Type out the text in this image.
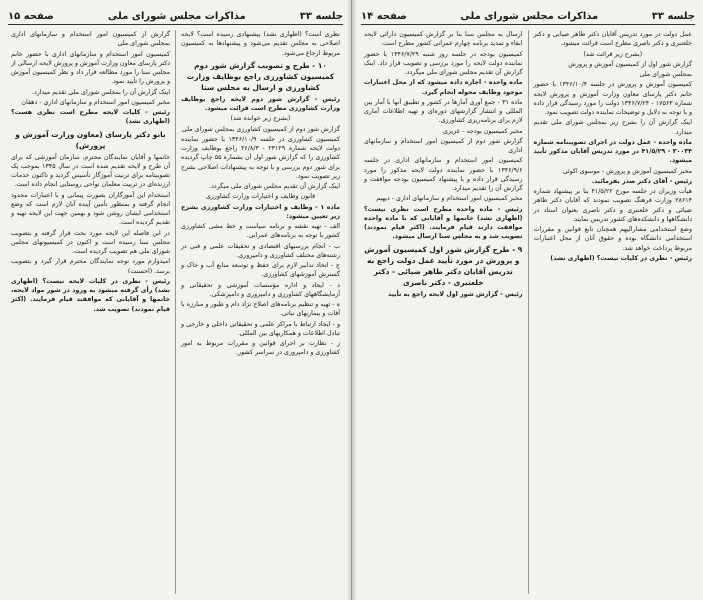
جلسه ۳۳
مذاکرات مجلس شورای ملی
صفحه ۱۵

نظری است؟ (اظهاری نشد) پیشنهادی رسیده است؟ لایحه اصلاحی به مجلس تقدیم می‌شود و پیشنهادها به کمیسیون مربوط ارجاع می‌شود.

۱۰ - طرح و تصویب گزارش شور دوم کمیسیون کشاورزی راجع بوظایف وزارت کشاورزی و ارسال به مجلس سنا

رئیس - گزارش شور دوم لایحه راجع بوظایف وزارت کشاورزی مطرح است قرائت میشود.

(بشرح زیر خوانده شد)

گزارش شور دوم از کمیسیون کشاورزی بمجلس شورای ملی

کمیسیون کشاورزی در جلسه ۱۳۴۶/۱۰/۹ با حضور نماینده دولت لایحه شماره ۲۳۱۲۹ - ۴۶/۸/۳ راجع بوظایف وزارت کشاورزی را که گزارش شور اول آن بشماره ۵۵ چاپ گردیده برای شور دوم بررسی و با توجه به پیشنهادات اصلاحی بشرح زیر تصویب نمود.

اینک گزارش آن تقدیم مجلس شورای ملی میگردد.

قانون وظایف و اختیارات وزارت کشاورزی

ماده ۱ - وظایف و اختیارات وزارت کشاورزی بشرح زیر تعیین میشود:

الف - تهیه نقشه و برنامه سیاست و خط مشی کشاورزی کشور با توجه به برنامه‌های عمرانی.

ب - انجام بررسیهای اقتصادی و تحقیقات علمی و فنی در رشته‌های مختلف کشاورزی و دامپروری.

ج - اتخاذ تدابیر لازم برای حفظ و توسعه منابع آب و خاک و گسترش آموزشهای کشاورزی.

د - ایجاد و اداره مؤسسات آموزشی و تحقیقاتی و آزمایشگاههای کشاورزی و دامپروری و دامپزشکی.

ه - تهیه و تنظیم برنامه‌های اصلاح نژاد دام و طیور و مبارزه با آفات و بیماریهای نباتی.

و - ایجاد ارتباط با مراکز علمی و تحقیقاتی داخلی و خارجی و تبادل اطلاعات و همکاریهای بین المللی.

ز - نظارت بر اجرای قوانین و مقررات مربوط به امور کشاورزی و دامپروری در سراسر کشور.

گزارش از کمیسیون امور استخدام و سازمانهای اداری بمجلس شورای ملی

کمیسیون امور استخدام و سازمانهای اداری با حضور خانم دکتر پارسای معاون وزارت آموزش و پرورش لایحه ارسالی از مجلس سنا را مورد مطالعه قرار داد و نظر کمیسیون آموزش و پرورش را تأیید نمود.

اینک گزارش آن را بمجلس شورای ملی تقدیم میدارد.

مخبر کمیسیون امور استخدام و سازمانهای اداری - دهقان

رئیس - کلیات لایحه مطرح است نظری هست؟ (اظهاری نشد)

بانو دکتر پارسای (معاون وزارت آموزش و پرورش)

خانمها و آقایان نمایندگان محترم، سازمان آموزشی که برای آن طرح و لایحه تقدیم شده است در سال ۱۳۴۵ بموجب یک تصویبنامه برای تربیت آموزگار تأسیس گردید و تاکنون خدمات ارزنده‌ای در تربیت معلمان نواحی روستایی انجام داده است.

استخدام این آموزگاران بصورت پیمانی و با اعتبارات محدود انجام گرفته و بمنظور تأمین آینده آنان لازم است که وضع استخدامی ایشان روشن شود و بهمین جهت این لایحه تهیه و تقدیم گردیده است.

در این فاصله این لایحه مورد بحث قرار گرفته و بتصویب مجلس سنا رسیده است و اکنون در کمیسیونهای مجلس شورای ملی هم تصویب گردیده است.

امیدوارم مورد توجه نمایندگان محترم قرار گیرد و بتصویب برسد. (احسنت)

رئیس - نظری در کلیات لایحه نیست؟ (اظهاری نشد) رأی گرفته میشود به ورود در شور مواد لایحه، خانمها و آقایانی که موافقند قیام فرمایند. (اکثر قیام نمودند) تصویب شد.

جلسه ۳۳
مذاکرات مجلس شورای ملی
صفحه ۱۴

عمل دولت در مورد تدریس آقایان دکتر طاهر صیانی و دکتر خلعتبری و دکتر ناصری مطرح است قرائت میشود.

(بشرح زیر قرائت شد)

گزارش شور اول از کمیسیون آموزش و پرورش

بمجلس شورای ملی

کمیسیون آموزش و پرورش در جلسه ۱۳۴۶/۱۰/۴ با حضور خانم دکتر پارسای معاون وزارت آموزش و پرورش لایحه شماره ۱۷۵۶۳ - ۱۳۴۶/۷/۲۴ دولت را مورد رسیدگی قرار داده و با توجه به دلایل و توضیحات نماینده دولت تصویب نمود.

اینک گزارش آن را بشرح زیر بمجلس شورای ملی تقدیم میدارد.

ماده واحده - عمل دولت در اجرای تصویبنامه شماره ۳۰۰۳۴ - ۴۱/۵/۲۹ در مورد تدریس آقایان مذکور تأیید میشود.

مخبر کمیسیون آموزش و پرورش - موسوی اکوئی

رئیس - آقای دکتر صدر بفرمائید.

هیأت وزیران در جلسه مورخ ۴۱/۵/۲۲ بنا بر پیشنهاد شماره ۲۸۶۱۴ وزارت فرهنگ تصویب نمودند که آقایان دکتر طاهر ضیائی و دکتر خلعتبری و دکتر ناصری بعنوان استاد در دانشگاهها و دانشکده‌های کشور تدریس نمایند.

وضع استخدامی مشارالیهم همچنان تابع قوانین و مقررات استخدامی دانشگاه بوده و حقوق آنان از محل اعتبارات مربوط پرداخت خواهد شد.

رئیس - نظری در کلیات نیست؟ (اظهاری نشد)

ارسال به مجلس سنا بنا بر گزارش کمیسیون دارائی لایحه ابقاء و تمدید برنامه چهارم عمرانی کشور مطرح است.

کمیسیون بودجه در جلسه روز شنبه ۱۳۴۶/۷/۲۹ با حضور نماینده دولت لایحه را مورد بررسی و تصویب قرار داد. اینک گزارش آن تقدیم مجلس شورای ملی میگردد.

ماده واحده - اجازه داده میشود که از محل اعتبارات موجود وظایف محوله انجام گیرد.

ماده ۳۱ - جمع آوری آمارها در کشور و تطبیق آنها با آمار بین المللی و انتشار گزارشهای دوره‌ای و تهیه اطلاعات آماری لازم برای برنامه‌ریزی کشاورزی.

مخبر کمیسیون بودجه - عزیزی

گزارش شور دوم از کمیسیون امور استخدام و سازمانهای اداری

کمیسیون امور استخدام و سازمانهای اداری در جلسه ۱۳۴۶/۹/۶ با حضور نماینده دولت لایحه مذکور را مورد رسیدگی قرار داده و با پیشنهاد کمیسیون بودجه موافقت و گزارش آن را تقدیم میدارد.

مخبر کمیسیون امور استخدام و سازمانهای اداری - دیهیم

رئیس - ماده واحده مطرح است نظری نیست؟ (اظهاری نشد) خانمها و آقایانی که با ماده واحده موافقت دارند قیام فرمایند. (اکثر قیام نمودند) تصویب شد و به مجلس سنا ارسال میشود.

۹ - طرح گزارش شور اول کمیسیون آموزش و پرورش در مورد تأیید عمل دولت راجع به تدریس آقایان دکتر طاهر ضیائی - دکتر خلعتبری - دکتر ناصری

رئیس - گزارش شور اول لایحه راجع به تأیید
